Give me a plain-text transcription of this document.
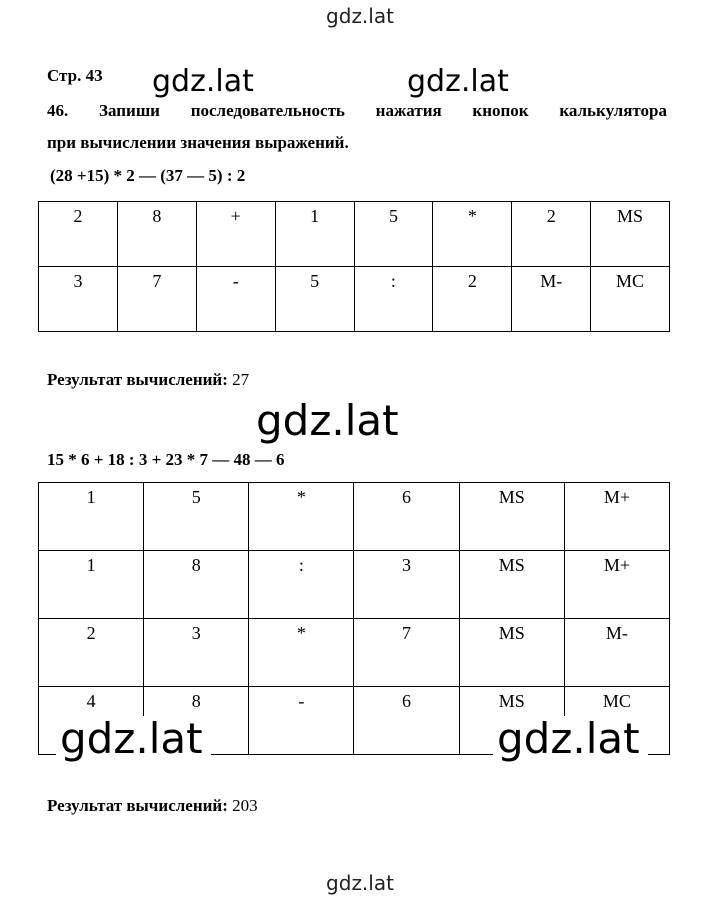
gdz.lat
Стр. 43
46. Запиши последовательность нажатия кнопок калькулятора
при вычислении значения выражений.
(28 +15) * 2 — (37 — 5) : 2
2	8	+	1	5	*	2	MS
3	7	-	5	:	2	M-	MC
Результат вычислений: 27
15 * 6 + 18 : 3 + 23 * 7 — 48 — 6
1	5	*	6	MS	M+
1	8	:	3	MS	M+
2	3	*	7	MS	M-
4	8	-	6	MS	MC
Результат вычислений: 203
gdz.lat	gdz.lat
gdz.lat
gdz.lat	gdz.lat
gdz.lat
